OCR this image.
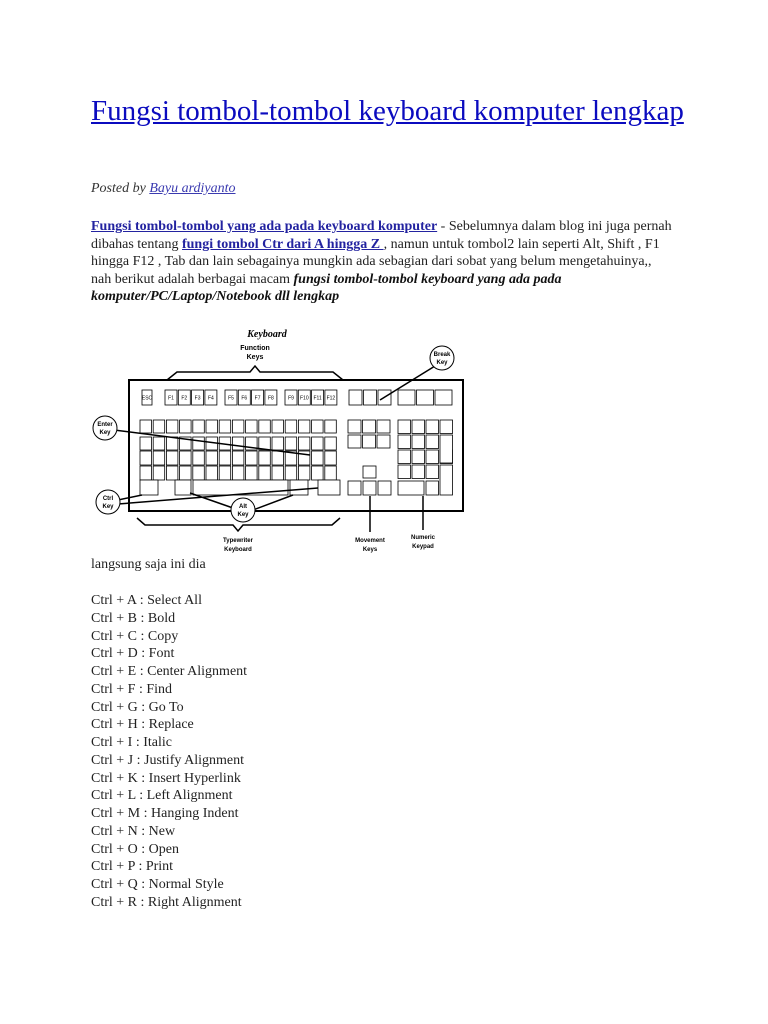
Fungsi tombol-tombol keyboard komputer lengkap
Posted by Bayu ardiyanto
Fungsi tombol-tombol yang ada pada keyboard komputer - Sebelumnya dalam blog ini juga pernah dibahas tentang fungi tombol Ctr dari A hingga Z , namun untuk tombol2 lain seperti Alt, Shift , F1 hingga F12 , Tab dan lain sebagainya mungkin ada sebagian dari sobat yang belum mengetahuinya,,
nah berikut adalah berbagai macam fungsi tombol-tombol keyboard yang ada pada komputer/PC/Laptop/Notebook dll lengkap
Keyboard
Function
Keys
ESC	F1 F2 F3 F4	F5 F6 F7 F8	F9 F10 F11 F12
Break
Key
Enter
Key
Ctrl
Key	Alt
Key
Typewriter
Keyboard
Movement
Keys
Numeric
Keypad
langsung saja ini dia
Ctrl + A : Select All
Ctrl + B : Bold
Ctrl + C : Copy
Ctrl + D : Font
Ctrl + E : Center Alignment
Ctrl + F : Find
Ctrl + G : Go To
Ctrl + H : Replace
Ctrl + I : Italic
Ctrl + J : Justify Alignment
Ctrl + K : Insert Hyperlink
Ctrl + L : Left Alignment
Ctrl + M : Hanging Indent
Ctrl + N : New
Ctrl + O : Open
Ctrl + P : Print
Ctrl + Q : Normal Style
Ctrl + R : Right Alignment
